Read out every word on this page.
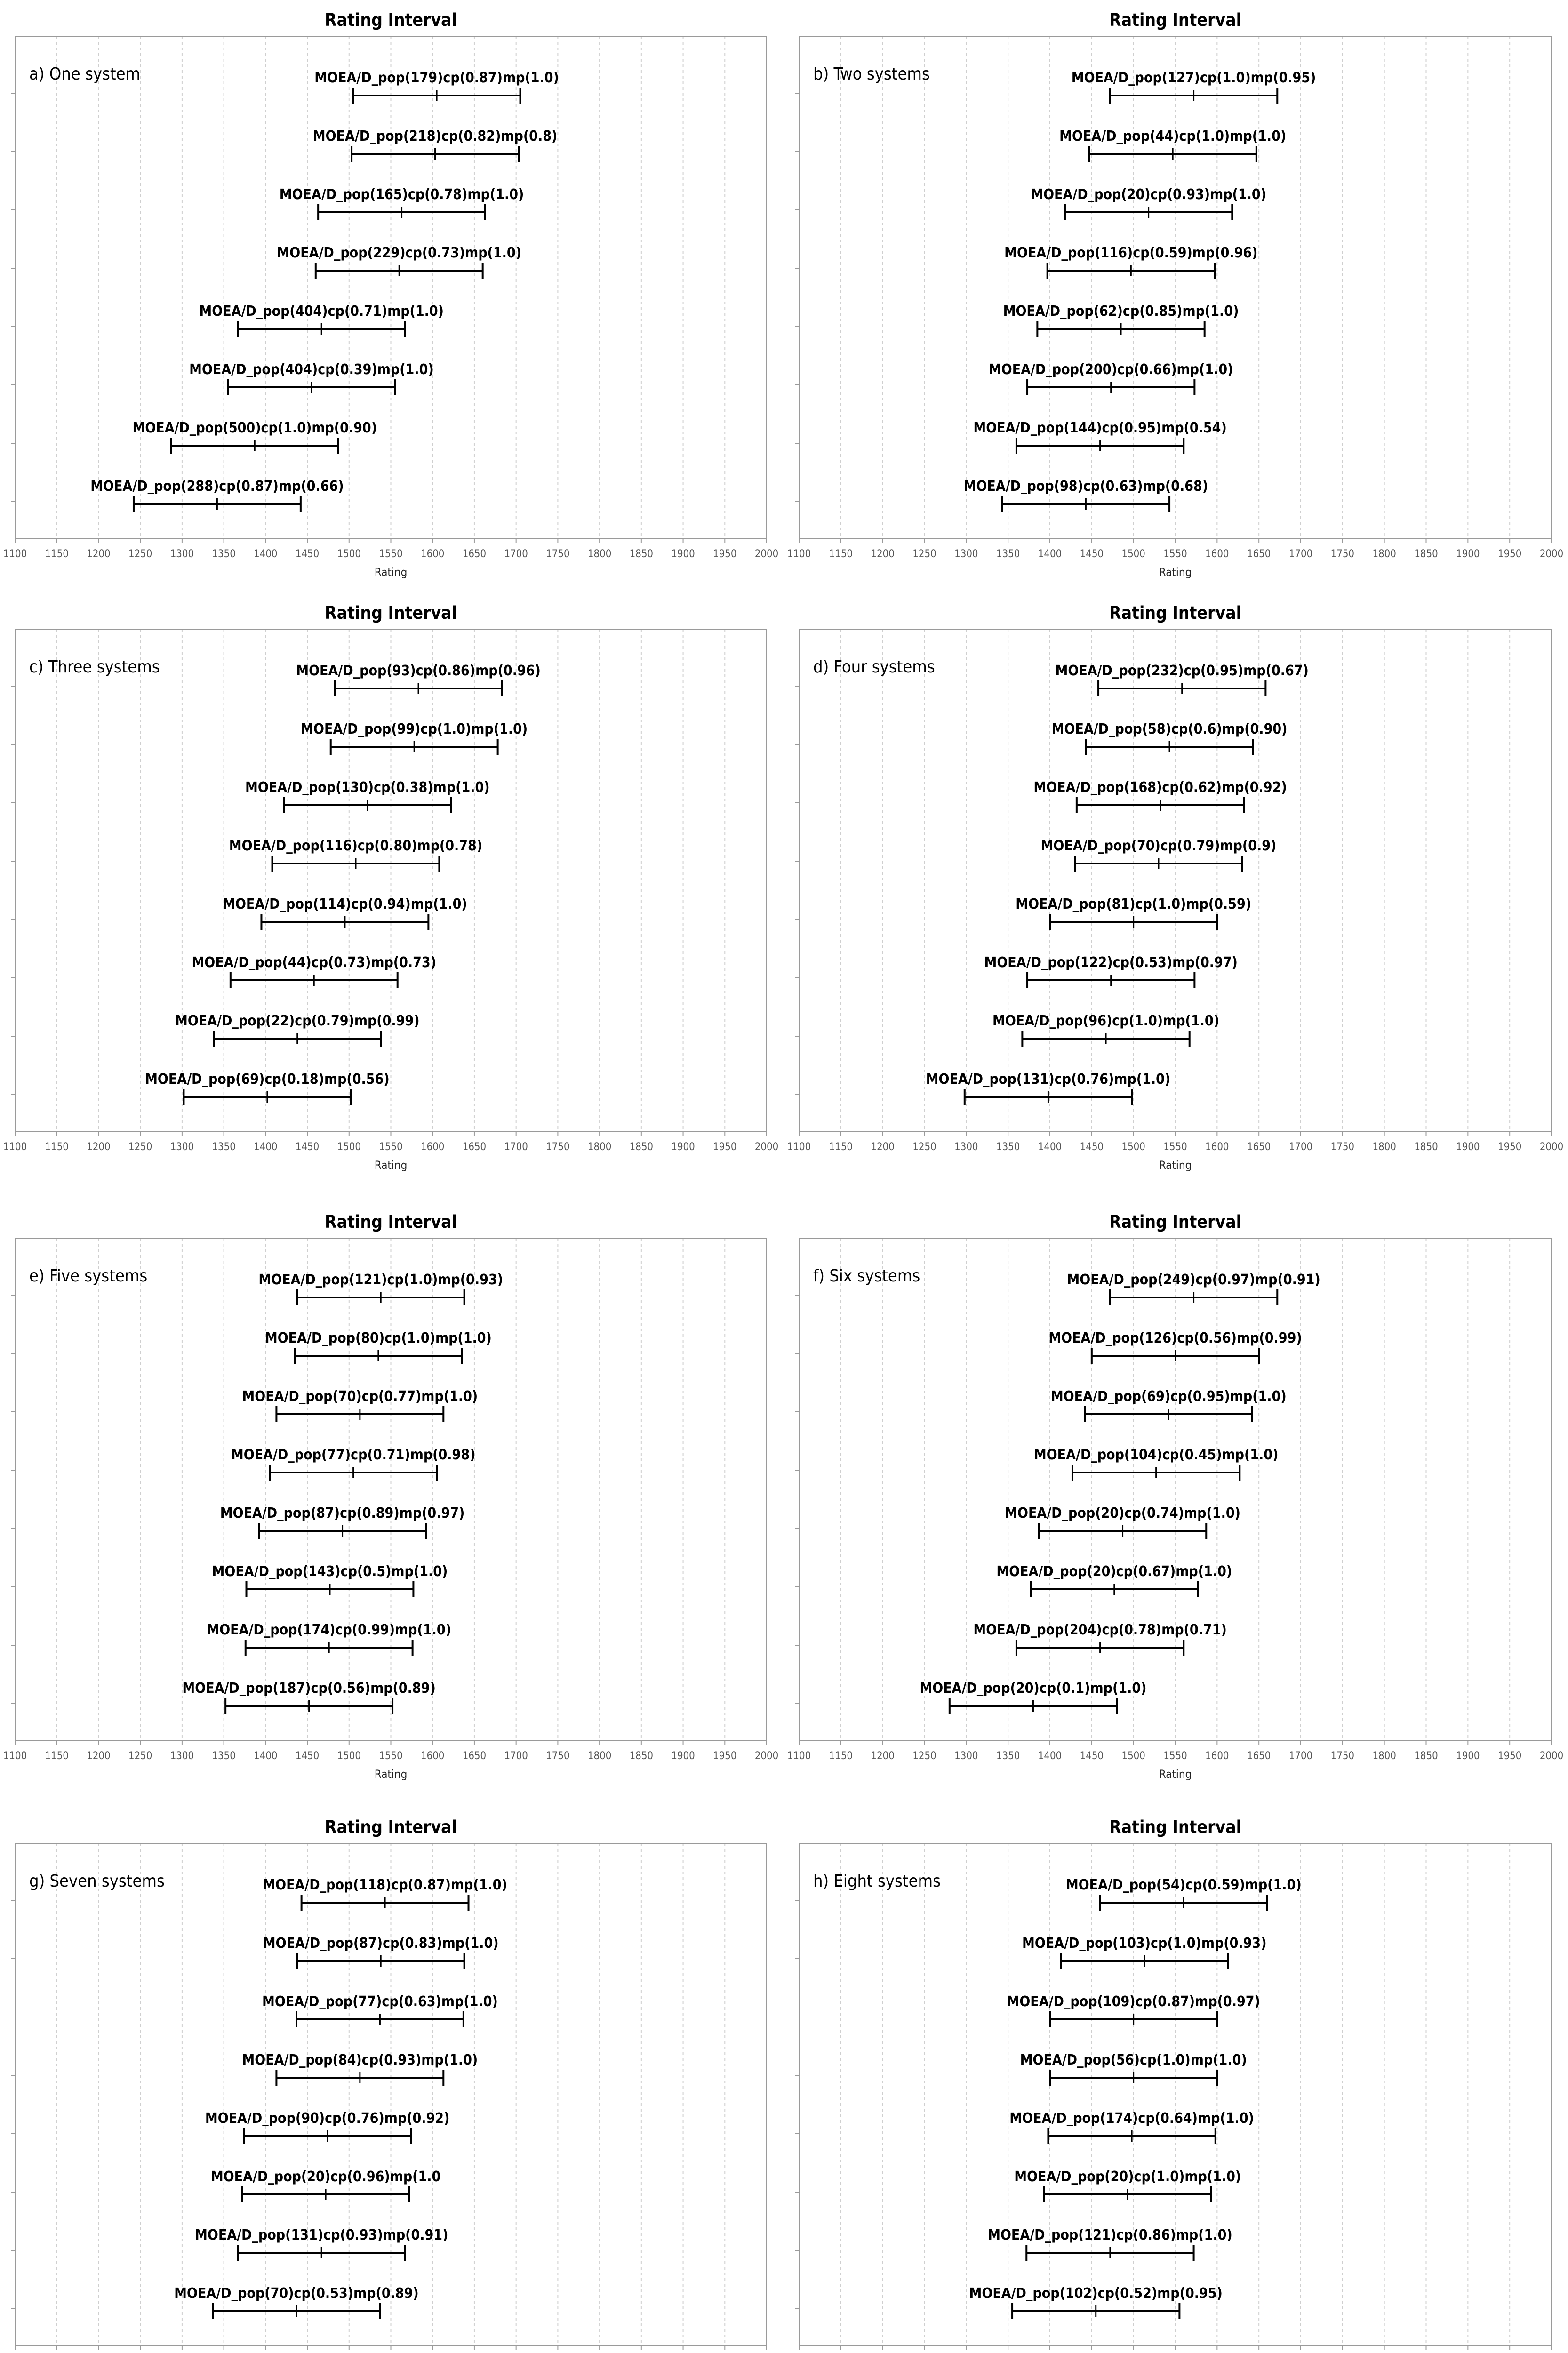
1100 1150 1200 1250 1300 1350 1400 1450 1500 1550 1600 1650 1700 1750 1800 1850 1900 1950 2000
Rating Interval
Rating
a) One system	MOEA/D_pop(179)cp(0.87)mp(1.0)
MOEA/D_pop(218)cp(0.82)mp(0.8)
MOEA/D_pop(165)cp(0.78)mp(1.0)
MOEA/D_pop(229)cp(0.73)mp(1.0)
MOEA/D_pop(404)cp(0.71)mp(1.0)
MOEA/D_pop(404)cp(0.39)mp(1.0)
MOEA/D_pop(500)cp(1.0)mp(0.90)
MOEA/D_pop(288)cp(0.87)mp(0.66)
1100 1150 1200 1250 1300 1350 1400 1450 1500 1550 1600 1650 1700 1750 1800 1850 1900 1950 2000
Rating Interval
Rating
b) Two systems	MOEA/D_pop(127)cp(1.0)mp(0.95)
MOEA/D_pop(44)cp(1.0)mp(1.0)
MOEA/D_pop(20)cp(0.93)mp(1.0)
MOEA/D_pop(116)cp(0.59)mp(0.96)
MOEA/D_pop(62)cp(0.85)mp(1.0)
MOEA/D_pop(200)cp(0.66)mp(1.0)
MOEA/D_pop(144)cp(0.95)mp(0.54)
MOEA/D_pop(98)cp(0.63)mp(0.68)
1100 1150 1200 1250 1300 1350 1400 1450 1500 1550 1600 1650 1700 1750 1800 1850 1900 1950 2000
Rating Interval
Rating
c) Three systems	MOEA/D_pop(93)cp(0.86)mp(0.96)
MOEA/D_pop(99)cp(1.0)mp(1.0)
MOEA/D_pop(130)cp(0.38)mp(1.0)
MOEA/D_pop(116)cp(0.80)mp(0.78)
MOEA/D_pop(114)cp(0.94)mp(1.0)
MOEA/D_pop(44)cp(0.73)mp(0.73)
MOEA/D_pop(22)cp(0.79)mp(0.99)
MOEA/D_pop(69)cp(0.18)mp(0.56)
1100 1150 1200 1250 1300 1350 1400 1450 1500 1550 1600 1650 1700 1750 1800 1850 1900 1950 2000
Rating Interval
Rating
d) Four systems	MOEA/D_pop(232)cp(0.95)mp(0.67)
MOEA/D_pop(58)cp(0.6)mp(0.90)
MOEA/D_pop(168)cp(0.62)mp(0.92)
MOEA/D_pop(70)cp(0.79)mp(0.9)
MOEA/D_pop(81)cp(1.0)mp(0.59)
MOEA/D_pop(122)cp(0.53)mp(0.97)
MOEA/D_pop(96)cp(1.0)mp(1.0)
MOEA/D_pop(131)cp(0.76)mp(1.0)
1100 1150 1200 1250 1300 1350 1400 1450 1500 1550 1600 1650 1700 1750 1800 1850 1900 1950 2000
Rating Interval
Rating
e) Five systems	MOEA/D_pop(121)cp(1.0)mp(0.93)
MOEA/D_pop(80)cp(1.0)mp(1.0)
MOEA/D_pop(70)cp(0.77)mp(1.0)
MOEA/D_pop(77)cp(0.71)mp(0.98)
MOEA/D_pop(87)cp(0.89)mp(0.97)
MOEA/D_pop(143)cp(0.5)mp(1.0)
MOEA/D_pop(174)cp(0.99)mp(1.0)
MOEA/D_pop(187)cp(0.56)mp(0.89)
1100 1150 1200 1250 1300 1350 1400 1450 1500 1550 1600 1650 1700 1750 1800 1850 1900 1950 2000
Rating Interval
Rating
f) Six systems	MOEA/D_pop(249)cp(0.97)mp(0.91)
MOEA/D_pop(126)cp(0.56)mp(0.99)
MOEA/D_pop(69)cp(0.95)mp(1.0)
MOEA/D_pop(104)cp(0.45)mp(1.0)
MOEA/D_pop(20)cp(0.74)mp(1.0)
MOEA/D_pop(20)cp(0.67)mp(1.0)
MOEA/D_pop(204)cp(0.78)mp(0.71)
MOEA/D_pop(20)cp(0.1)mp(1.0)
Rating Interval
g) Seven systems	MOEA/D_pop(118)cp(0.87)mp(1.0)
MOEA/D_pop(87)cp(0.83)mp(1.0)
MOEA/D_pop(77)cp(0.63)mp(1.0)
MOEA/D_pop(84)cp(0.93)mp(1.0)
MOEA/D_pop(90)cp(0.76)mp(0.92)
MOEA/D_pop(20)cp(0.96)mp(1.0
MOEA/D_pop(131)cp(0.93)mp(0.91)
MOEA/D_pop(70)cp(0.53)mp(0.89)
Rating Interval
h) Eight systems	MOEA/D_pop(54)cp(0.59)mp(1.0)
MOEA/D_pop(103)cp(1.0)mp(0.93)
MOEA/D_pop(109)cp(0.87)mp(0.97)
MOEA/D_pop(56)cp(1.0)mp(1.0)
MOEA/D_pop(174)cp(0.64)mp(1.0)
MOEA/D_pop(20)cp(1.0)mp(1.0)
MOEA/D_pop(121)cp(0.86)mp(1.0)
MOEA/D_pop(102)cp(0.52)mp(0.95)
